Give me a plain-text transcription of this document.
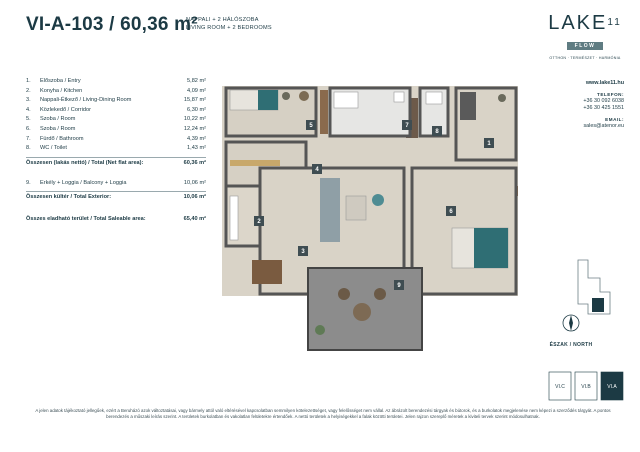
VI-A-103 / 60,36 m²
NAPPALI + 2 HÁLÓSZOBA
LIVING ROOM + 2 BEDROOMS
1.	Előszoba / Entry	5,82 m²
2.	Konyha / Kitchen	4,09 m²
3.	Nappali-Étkező / Living-Dining Room	15,87 m²
4.	Közlekedő / Corridor	6,30 m²
5.	Szoba / Room	10,22 m²
6.	Szoba / Room	12,24 m²
7.	Fürdő / Bathroom	4,39 m²
8.	WC / Toilet	1,43 m²
Összesen (lakás nettó) / Total (Net flat area):	60,36 m²
9.	Erkély + Loggia / Balcony + Loggia	10,06 m²
Összesen kültér / Total Exterior:	10,06 m²
Összes eladható terület / Total Saleable area:	65,40 m²
1
2
3
4
5
6
7
8
9
LAKE$^{11}$
FLOW
OTTHON · TERMÉSZET · HARMÓNIA
www.lake11.hu
TELEFON:
+36 30 092 6038
+36 30 425 1551
EMAIL:
sales@atenor.eu
ÉSZAK / NORTH
VI.C	VI.B	VI.A
A jelen adatok tájékoztató jellegűek, ezért a Beruházó azok változtatásai, vagy bármely attól való eltérésével kapcsolatban semmilyen kötelezettséget, vagy felelősséget nem vállal. Az ábrázolt berendezési tárgyak és bútorok, és a burkolatok megjelenése nem képezi a szerződés tárgyát. A pontos berendezés a műszaki leírás szerint. A területek burkolatban és vakolatlan felületekre értendőek. A nettó területek a helyiségekkel a falak közötti területei. Jelen rajzon szereplő méretek a kiviteli tervek szerint módosulhatnak.
